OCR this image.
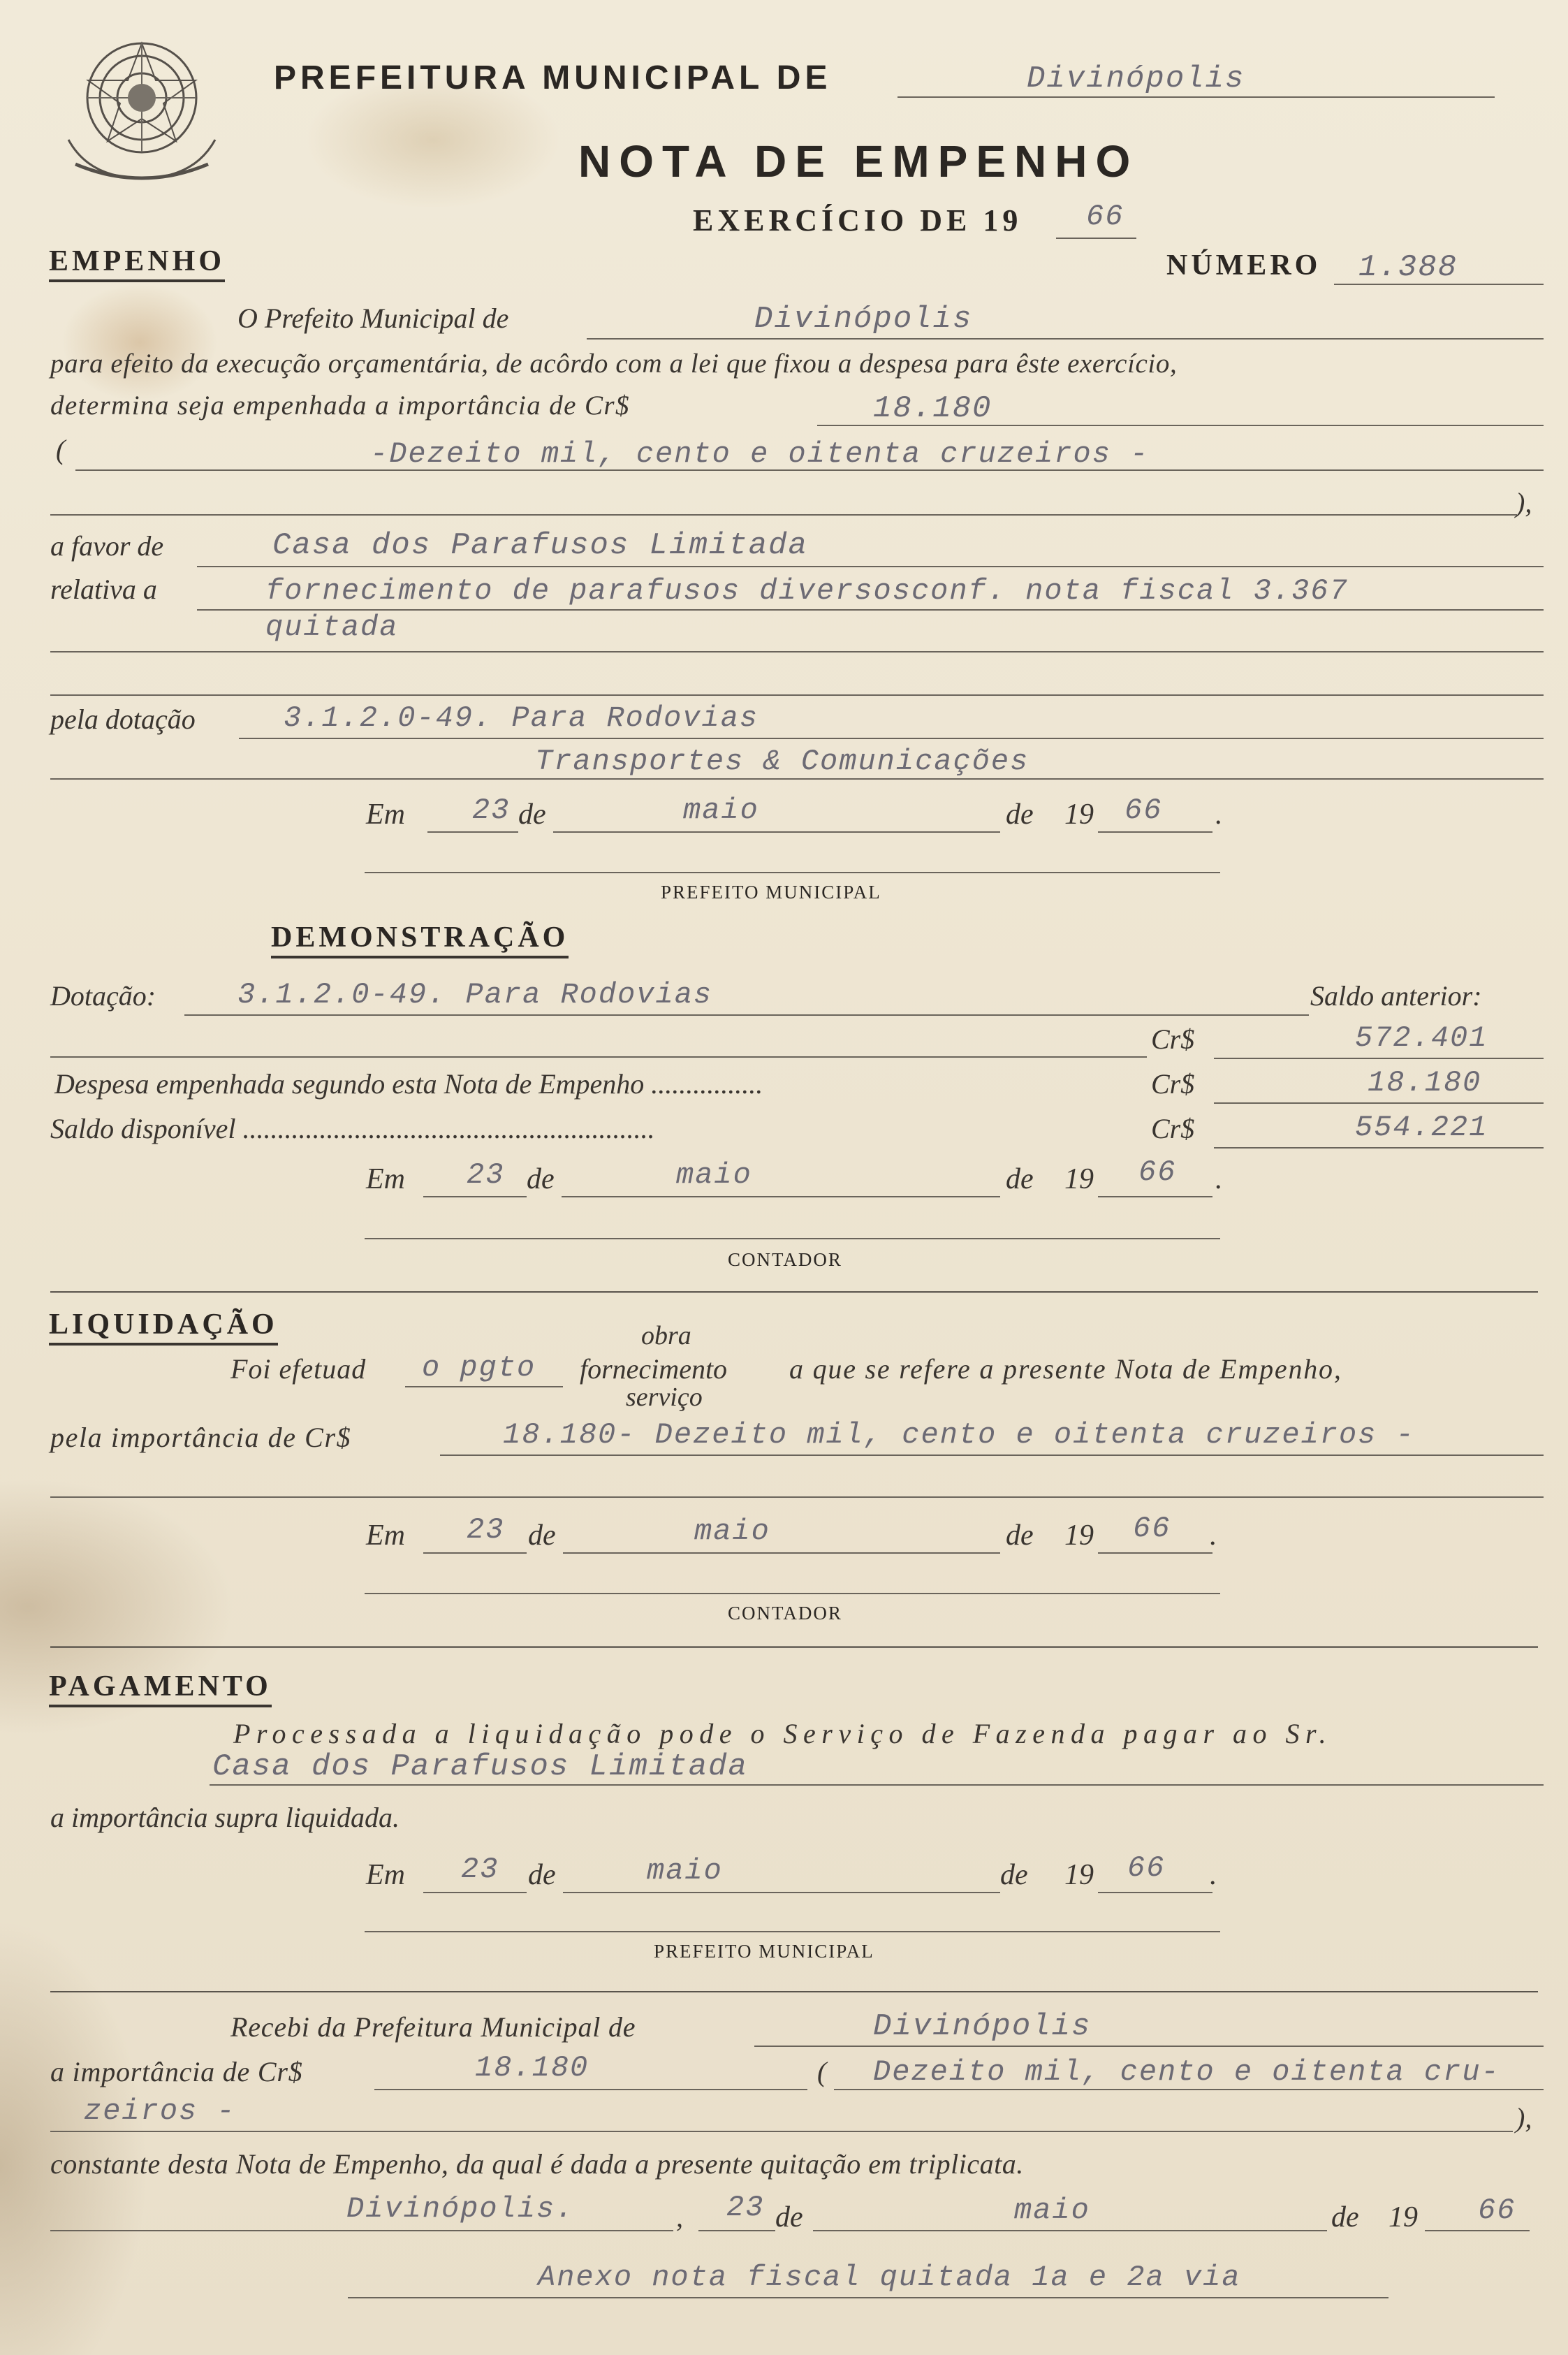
PREFEITURA MUNICIPAL DE	Divinópolis
NOTA DE EMPENHO
EXERCÍCIO DE 19 66
EMPENHO	NÚMERO 1.388
O Prefeito Municipal de	Divinópolis
para efeito da execução orçamentária, de acôrdo com a lei que fixou a despesa para êste exercício,
determina seja empenhada a importância de Cr$	18.180
(	-Dezeito mil, cento e oitenta cruzeiros -
),
a favor de	Casa dos Parafusos Limitada
relativa a	fornecimento de parafusos diversosconf. nota fiscal 3.367
quitada
pela dotação	3.1.2.0-49. Para Rodovias
Transportes & Comunicações
Em 23 de	maio	de 19 66 .
PREFEITO MUNICIPAL
DEMONSTRAÇÃO
Dotação:	3.1.2.0-49. Para Rodovias	Saldo anterior:
Cr$	572.401
Despesa empenhada segundo esta Nota de Empenho ................	Cr$	18.180
Saldo disponível ...........................................................	Cr$	554.221
Em 23 de	maio	de 19 66 .
CONTADOR
LIQUIDAÇÃO	obra
Foi efetuad o pgto fornecimento a que se refere a presente Nota de Empenho,
serviço
pela importância de Cr$	18.180- Dezeito mil, cento e oitenta cruzeiros -
Em 23 de	maio	de 19 66 .
CONTADOR
PAGAMENTO
Processada a liquidação pode o Serviço de Fazenda pagar ao Sr.
Casa dos Parafusos Limitada
a importância supra liquidada.
Em 23 de	maio	de 19 66 .
PREFEITO MUNICIPAL
Recebi da Prefeitura Municipal de	Divinópolis
a importância de Cr$	18.180	( Dezeito mil, cento e oitenta cru-
zeiros -	),
constante desta Nota de Empenho, da qual é dada a presente quitação em triplicata.
Divinópolis.	, 23 de	maio	de 19 66
Anexo nota fiscal quitada 1a e 2a via
